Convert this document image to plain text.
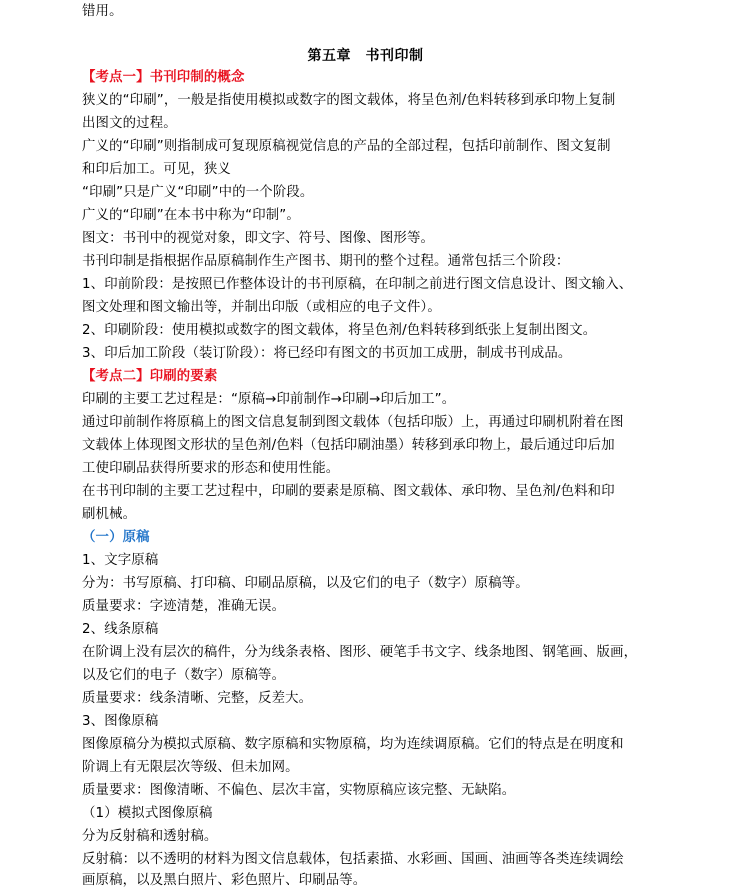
错用。
第五章　书刊印制
【考点一】书刊印制的概念
狭义的“印刷”，一般是指使用模拟或数字的图文载体，将呈色剂/色料转移到承印物上复制
出图文的过程。
广义的“印刷”则指制成可复现原稿视觉信息的产品的全部过程，包括印前制作、图文复制
和印后加工。可见，狭义
“印刷”只是广义“印刷”中的一个阶段。
广义的“印刷”在本书中称为“印制”。
图文：书刊中的视觉对象，即文字、符号、图像、图形等。
书刊印制是指根据作品原稿制作生产图书、期刊的整个过程。通常包括三个阶段：
1、印前阶段：是按照已作整体设计的书刊原稿，在印制之前进行图文信息设计、图文输入、
图文处理和图文输出等，并制出印版（或相应的电子文件）。
2、印刷阶段：使用模拟或数字的图文载体，将呈色剂/色料转移到纸张上复制出图文。
3、印后加工阶段（装订阶段）：将已经印有图文的书页加工成册，制成书刊成品。
【考点二】印刷的要素
印刷的主要工艺过程是：“原稿→印前制作→印刷→印后加工”。
通过印前制作将原稿上的图文信息复制到图文载体（包括印版）上，再通过印刷机附着在图
文载体上体现图文形状的呈色剂/色料（包括印刷油墨）转移到承印物上，最后通过印后加
工使印刷品获得所要求的形态和使用性能。
在书刊印制的主要工艺过程中，印刷的要素是原稿、图文载体、承印物、呈色剂/色料和印
刷机械。
（一）原稿
1、文字原稿
分为：书写原稿、打印稿、印刷品原稿，以及它们的电子（数字）原稿等。
质量要求：字迹清楚，准确无误。
2、线条原稿
在阶调上没有层次的稿件，分为线条表格、图形、硬笔手书文字、线条地图、钢笔画、版画，
以及它们的电子（数字）原稿等。
质量要求：线条清晰、完整，反差大。
3、图像原稿
图像原稿分为模拟式原稿、数字原稿和实物原稿，均为连续调原稿。它们的特点是在明度和
阶调上有无限层次等级、但未加网。
质量要求：图像清晰、不偏色、层次丰富，实物原稿应该完整、无缺陷。
（1）模拟式图像原稿
分为反射稿和透射稿。
反射稿：以不透明的材料为图文信息载体，包括素描、水彩画、国画、油画等各类连续调绘
画原稿，以及黑白照片、彩色照片、印刷品等。
